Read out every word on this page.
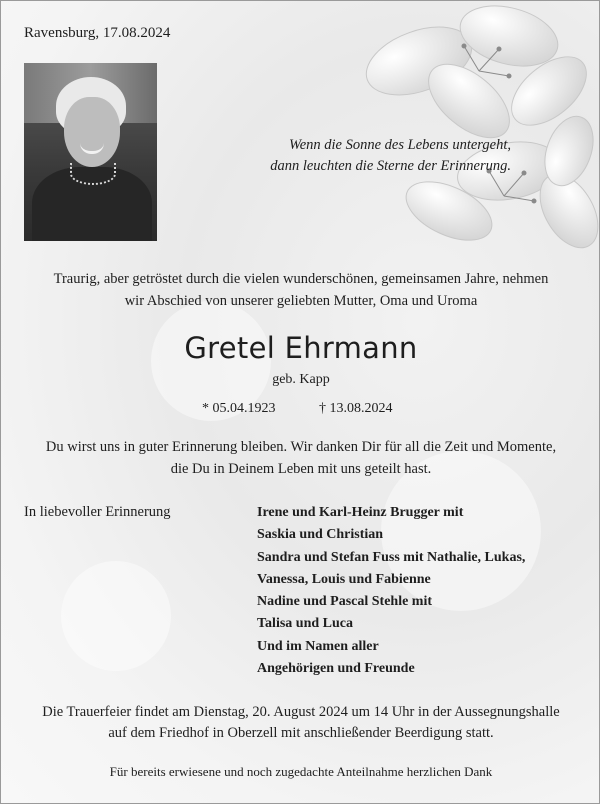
Ravensburg, 17.08.2024
Wenn die Sonne des Lebens untergeht,
dann leuchten die Sterne der Erinnerung.
Traurig, aber getröstet durch die vielen wunderschönen, gemeinsamen Jahre, nehmen
wir Abschied von unserer geliebten Mutter, Oma und Uroma
Gretel Ehrmann
geb. Kapp
* 05.04.1923	† 13.08.2024
Du wirst uns in guter Erinnerung bleiben. Wir danken Dir für all die Zeit und Momente,
die Du in Deinem Leben mit uns geteilt hast.
In liebevoller Erinnerung	Irene und Karl-Heinz Brugger mit
Saskia und Christian
Sandra und Stefan Fuss mit Nathalie, Lukas,
Vanessa, Louis und Fabienne
Nadine und Pascal Stehle mit
Talisa und Luca
Und im Namen aller
Angehörigen und Freunde
Die Trauerfeier findet am Dienstag, 20. August 2024 um 14 Uhr in der Aussegnungshalle
auf dem Friedhof in Oberzell mit anschließender Beerdigung statt.
Für bereits erwiesene und noch zugedachte Anteilnahme herzlichen Dank
